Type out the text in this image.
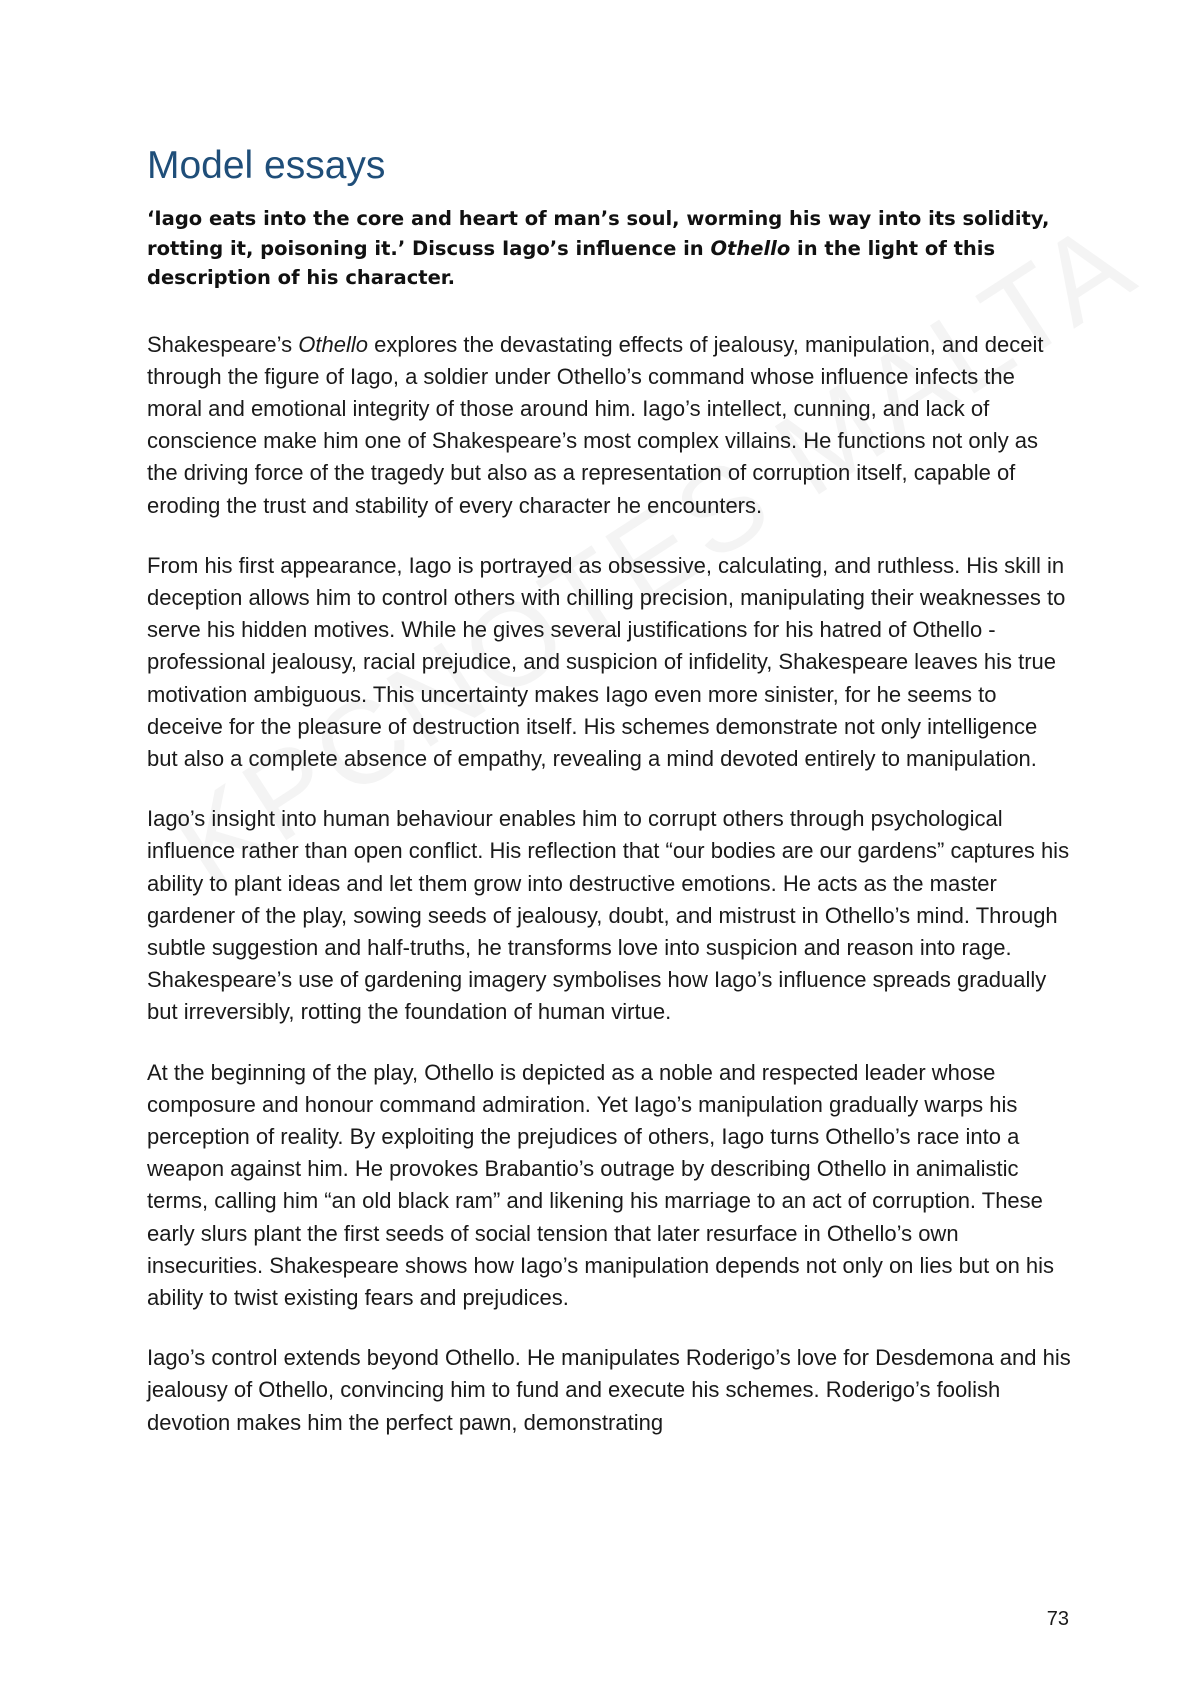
Model essays

‘Iago eats into the core and heart of man’s soul, worming his way into its solidity, rotting it, poisoning it.’ Discuss Iago’s influence in Othello in the light of this description of his character.

Shakespeare’s Othello explores the devastating effects of jealousy, manipulation, and deceit through the figure of Iago, a soldier under Othello’s command whose influence infects the moral and emotional integrity of those around him. Iago’s intellect, cunning, and lack of conscience make him one of Shakespeare’s most complex villains. He functions not only as the driving force of the tragedy but also as a representation of corruption itself, capable of eroding the trust and stability of every character he encounters.

From his first appearance, Iago is portrayed as obsessive, calculating, and ruthless. His skill in deception allows him to control others with chilling precision, manipulating their weaknesses to serve his hidden motives. While he gives several justifications for his hatred of Othello - professional jealousy, racial prejudice, and suspicion of infidelity, Shakespeare leaves his true motivation ambiguous. This uncertainty makes Iago even more sinister, for he seems to deceive for the pleasure of destruction itself. His schemes demonstrate not only intelligence but also a complete absence of empathy, revealing a mind devoted entirely to manipulation.

Iago’s insight into human behaviour enables him to corrupt others through psychological influence rather than open conflict. His reflection that “our bodies are our gardens” captures his ability to plant ideas and let them grow into destructive emotions. He acts as the master gardener of the play, sowing seeds of jealousy, doubt, and mistrust in Othello’s mind. Through subtle suggestion and half-truths, he transforms love into suspicion and reason into rage. Shakespeare’s use of gardening imagery symbolises how Iago’s influence spreads gradually but irreversibly, rotting the foundation of human virtue.

At the beginning of the play, Othello is depicted as a noble and respected leader whose composure and honour command admiration. Yet Iago’s manipulation gradually warps his perception of reality. By exploiting the prejudices of others, Iago turns Othello’s race into a weapon against him. He provokes Brabantio’s outrage by describing Othello in animalistic terms, calling him “an old black ram” and likening his marriage to an act of corruption. These early slurs plant the first seeds of social tension that later resurface in Othello’s own insecurities. Shakespeare shows how Iago’s manipulation depends not only on lies but on his ability to twist existing fears and prejudices.

Iago’s control extends beyond Othello. He manipulates Roderigo’s love for Desdemona and his jealousy of Othello, convincing him to fund and execute his schemes. Roderigo’s foolish devotion makes him the perfect pawn, demonstrating

73
